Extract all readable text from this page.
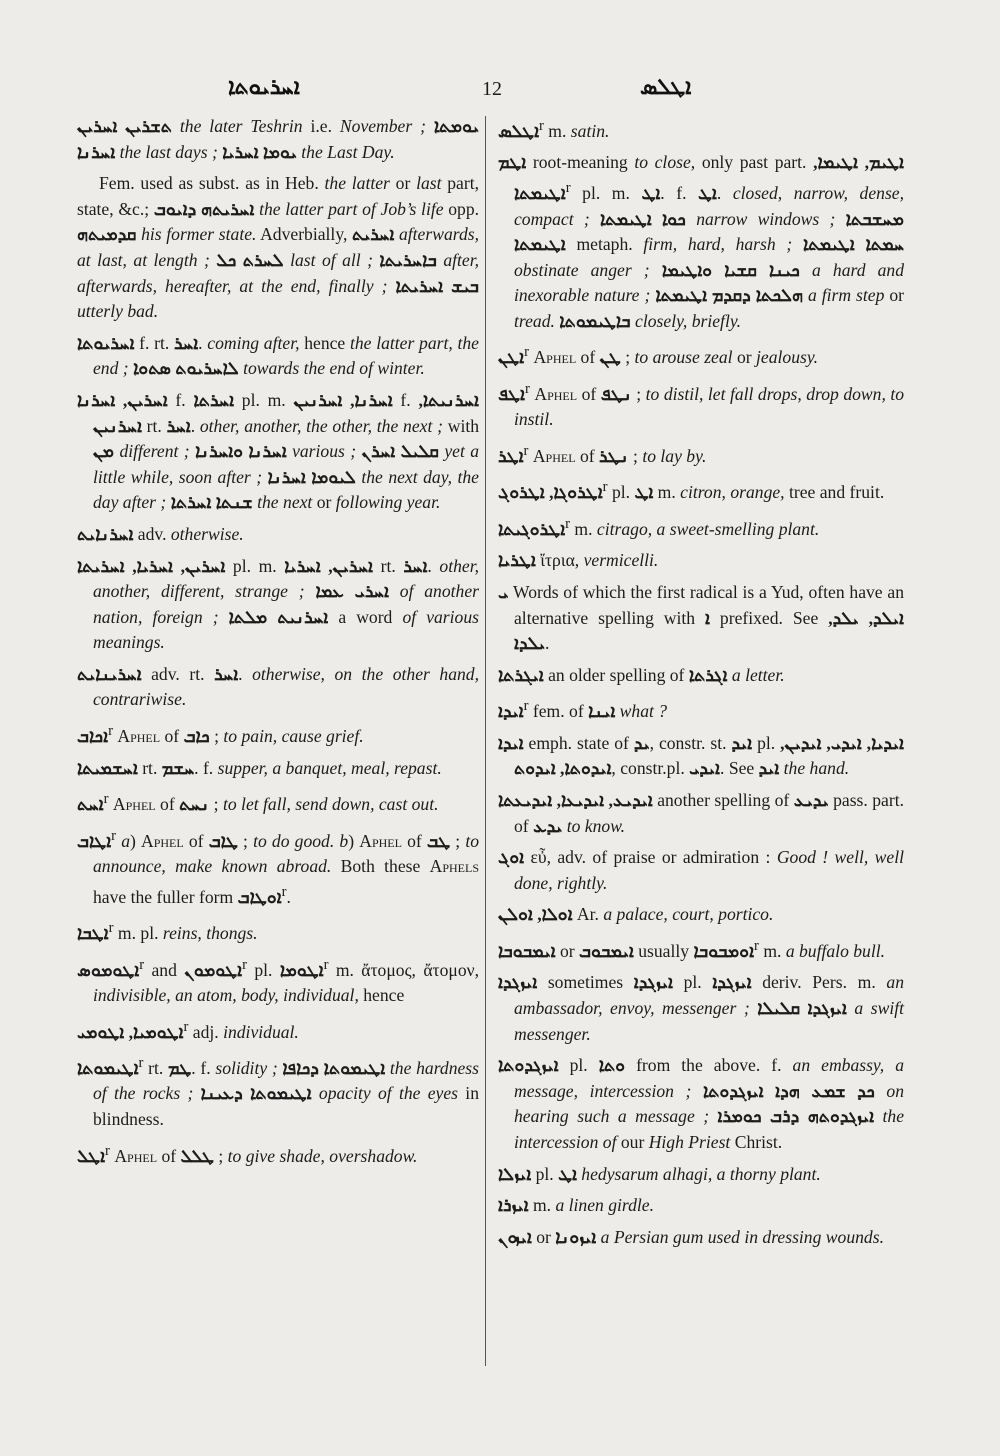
ܐܚܪܝܘܬܐ	12	ܐܛܠܣ

ܬܫܪܝܢ ܐܚܪܝܢ the later Teshrin i.e. November ; ܝܘܡܬܐ ܐܚܪܢܐ the last days ; ܝܘܡܐ ܐܚܪܝܐ the Last Day.

Fem. used as subst. as in Heb. the latter or last part, state, &c.; ܐܚܪܝܬܗ ܕܐܝܘܒ the latter part of Job’s life opp. ܩܕܡܝܬܗ his former state. Adverbially, ܐܚܪܝܬ afterwards, at last, at length ; ܠܚܪܬ ܟܠ last of all ; ܒܐܚܪܝܬܐ after, afterwards, hereafter, at the end, finally ; ܒܝܫ ܐܚܪܝܬܐ utterly bad.

ܐܚܪܝܘܬܐ f. rt. ܐܚܪ. coming after, hence the latter part, the end ; ܠܐܚܪܝܘܬ ܣܬܘܐ towards the end of winter.

ܐܚܪܝܢ, ܐܚܪܢܐ f. ܐܚܪܬܐ pl. m. ܐܚܪܢܐ, ܐܚܪܢܝܢ f. ܐܚܪܢܝܬܐ, ܐܚܪܢܝܢ rt. ܐܚܪ. other, another, the other, the next ; with ܡܢ different ;	ܐܚܪܢܐ ܘܐܚܪܢܐ	various ; ܩܠܝܠ ܐܚܪܢ yet a little while, soon after ; ܠܝܘܡܐ ܐܚܪܢܐ the next day, the day after ; ܫܢܬܐ ܐܚܪܬܐ the next or following year.

ܐܚܪܢܐܝܬ adv. otherwise.

ܐܚܪܝܢ, ܐܚܪܝܐ, ܐܚܪܝܬܐ pl. m. ܐܚܪܝܢ, ܐܚܪܝܐ rt. ܐܚܪ. other, another, different, strange ; ܐܚܪܝ ܥܡܐ of another nation, foreign ; ܐܚܪܢܝܬ ܡܠܬܐ a word of various meanings.

ܐܚܪܝܢܐܝܬ adv. rt. ܐܚܪ. otherwise, on the other hand, contrariwise.

ܐܟܐܒ$^r$ Aphel of ܟܐܒ ; to pain, cause grief.

ܐܚܫܡܝܬܐ rt. ܚܫܡ. f. supper, a banquet, meal, repast.

ܐܚܬ$^r$ Aphel of ܢܚܬ ; to let fall, send down, cast out.

ܐܛܐܒ$^r$ a) Aphel of ܛܐܒ ; to do good. b) Aphel of ܛܒ ; to announce, make known abroad. Both these Aphels have the fuller form ܐܘܛܐܒ$^r$.

ܐܛܒܐ$^r$ m. pl. reins, thongs.

ܐܛܘܡܘܣ$^r$ and ܐܛܘܡܘܢ$^r$ pl. ܐܛܘܡܐ$^r$ m. ἄτομος, ἄτομον, indivisible, an atom, body, individual, hence

ܐܛܘܡܝܐ, ܐܛܘܡܝ$^r$ adj. individual.

ܐܛܝܡܘܬܐ$^r$ rt. ܛܡ. f. solidity ; ܐܛܝܡܘܬܐ ܕܟܐܦܐ the hardness of the rocks ; ܐܛܝܡܘܬܐ ܕܥܝܢܐ opacity of the eyes in blindness.

ܐܛܠ$^r$ Aphel of ܛܠܠ ; to give shade, overshadow.

ܐܛܠܣ$^r$ m. satin.

ܐܛܡ root-meaning to close, only past part. ܐܛܝܡ, ܐܛܝܡܐ, ܐܛܝܡܬܐ$^r$ pl. m. ܐܛ. f. ܐܛ. closed, narrow, dense, compact ; ܟܘܐ ܐܛܝܡܬܐ narrow windows ; ܡܚܫܒܬܐ ܐܛܝܡܬܐ metaph. firm, hard, harsh ; ܚܡܬܐ ܐܛܝܡܬܐ obstinate anger ; ܟܝܢܐ ܩܫܝܐ ܘܐܛܝܡܐ a hard and inexorable nature ; ܗܠܟܬܐ ܕܩܕܡ ܐܛܝܡܬܐ a firm step or tread. ܒܐܛܝܡܘܬܐ closely, briefly.

ܐܛܢ$^r$ Aphel of ܛܢ ; to arouse zeal or jealousy.

ܐܛܦ$^r$ Aphel of ܢܛܦ ; to distil, let fall drops, drop down, to instil.

ܐܛܪ$^r$ Aphel of ܢܛܪ ; to lay by.

ܐܛܪܘܓܐ, ܐܛܪܘܓ$^r$ pl. ܐܛ m. citron, orange, tree and fruit.

ܐܛܪܘܓܝܬܐ$^r$ m. citrago, a sweet-smelling plant.

ܐܛܪܝܐ ἴτρια, vermicelli.

ܝ Words of which the first radical is a Yud, often have an alternative spelling with ܐ prefixed. See ܐܝܠܕ, ܝܠܕ, ܝܠܕܐ.

ܐܝܓܪܬܐ an older spelling of ܐܓܪܬܐ a letter.

ܐܝܕܐ$^r$ fem. of ܐܝܢܐ what ?

ܐܝܕܐ emph. state of ܝܕ, constr. st. ܐܝܕ pl. ܐܝܕܝܐ, ܐܝܕܝ, ܐܝܕܝܢ, ܐܝܕܘܬܐ, ܐܝܕܘܬ, constr.pl. ܐܝܕܝ. See ܐܝܕ the hand.

ܐܝܕܝܥ, ܐܝܕܝܥܐ, ܐܝܕܝܥܬܐ another spelling of ܝܕܝܥ pass. part. of ܝܕܥ to know.

ܐܘܓ εὖ, adv. of praise or admiration : Good ! well, well done, rightly.

ܐܘܠܐ, ܐܘܠܢ Ar. a palace, court, portico.

ܐܝܡܒܘܒܐ or ܐܝܡܒܘܒ usually ܐܘܡܒܘܒܐ$^r$ m. a buffalo bull.

ܐܝܙܓܕܐ sometimes ܐܝܙܓܕܐ pl. ܐܝܙܓܕܐ deriv. Pers. m. an ambassador, envoy, messenger ; ܐܝܙܓܕܐ ܩܠܝܠܐ a swift messenger.

ܐܝܙܓܕܘܬܐ pl. ܘܬܐ from the above. f. an embassy, a message, intercession ; ܟܕ ܫܡܥ ܗܕܐ ܐܝܙܓܕܘܬܐ on hearing such a message ; ܐܝܙܓܕܘܬܗ ܕܪܒ ܟܘܡܪܐ the intercession of our High Priest Christ.

ܐܝܙܠܐ pl. ܐܛ hedysarum alhagi, a thorny plant.

ܐܝܙܪܐ m. a linen girdle.

ܐܝܙܘܢ or ܐܝܙܘܢܐ a Persian gum used in dressing wounds.
